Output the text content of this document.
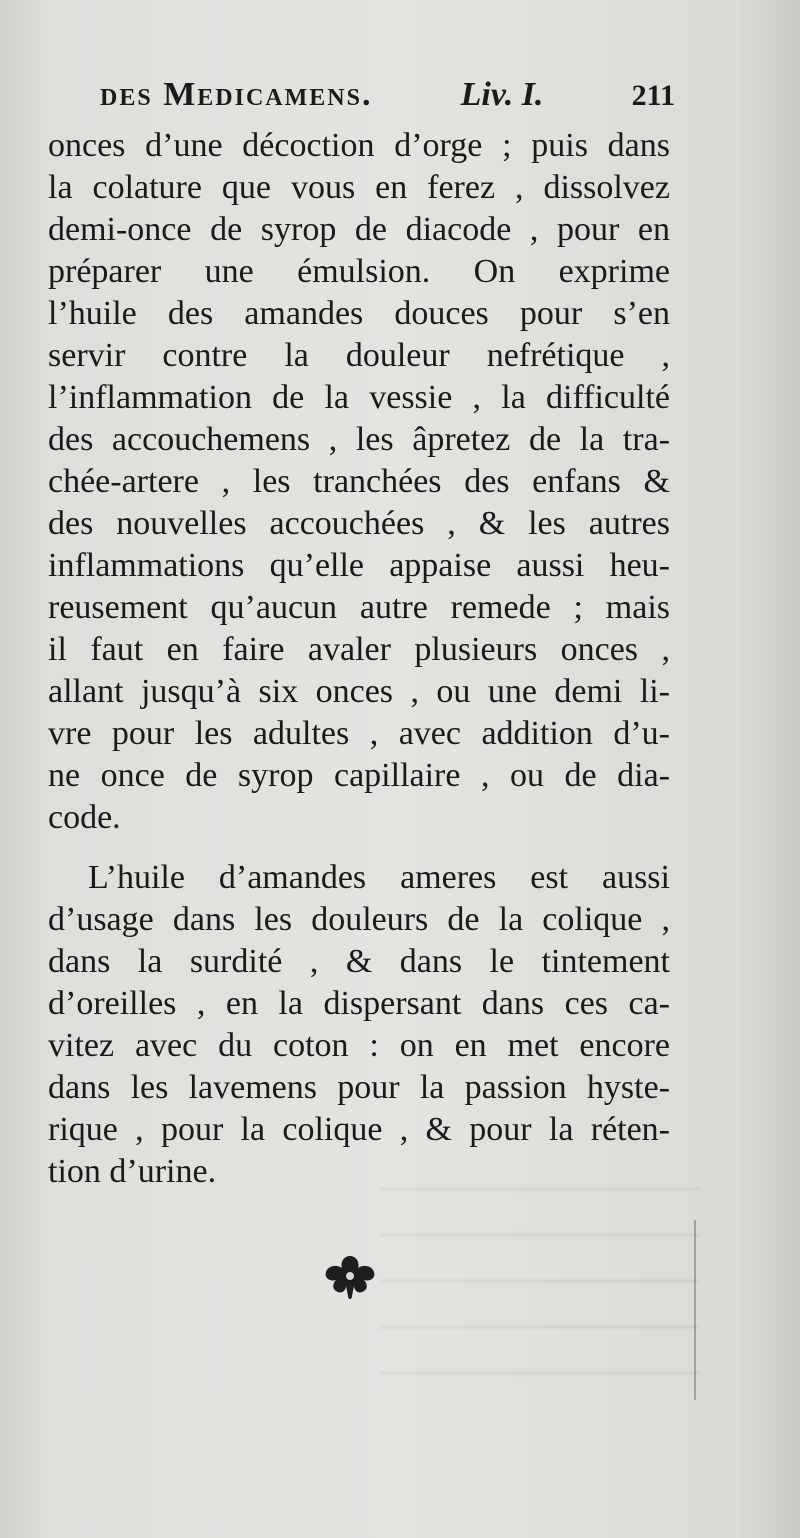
des Medicamens.	Liv. I.	211
onces d’une décoction d’orge ; puis dans
la colature que vous en ferez , dissolvez
demi-once de syrop de diacode , pour en
préparer une émulsion. On exprime
l’huile des amandes douces pour s’en
servir contre la douleur nefrétique ,
l’inflammation de la vessie , la difficulté
des accouchemens , les âpretez de la tra-
chée-artere , les tranchées des enfans &
des nouvelles accouchées , & les autres
inflammations qu’elle appaise aussi heu-
reusement qu’aucun autre remede ; mais
il faut en faire avaler plusieurs onces ,
allant jusqu’à six onces , ou une demi li-
vre pour les adultes , avec addition d’u-
ne once de syrop capillaire , ou de dia-
code.
L’huile d’amandes ameres est aussi
d’usage dans les douleurs de la colique ,
dans la surdité , & dans le tintement
d’oreilles , en la dispersant dans ces ca-
vitez avec du coton : on en met encore
dans les lavemens pour la passion hyste-
rique , pour la colique , & pour la réten-
tion d’urine.
